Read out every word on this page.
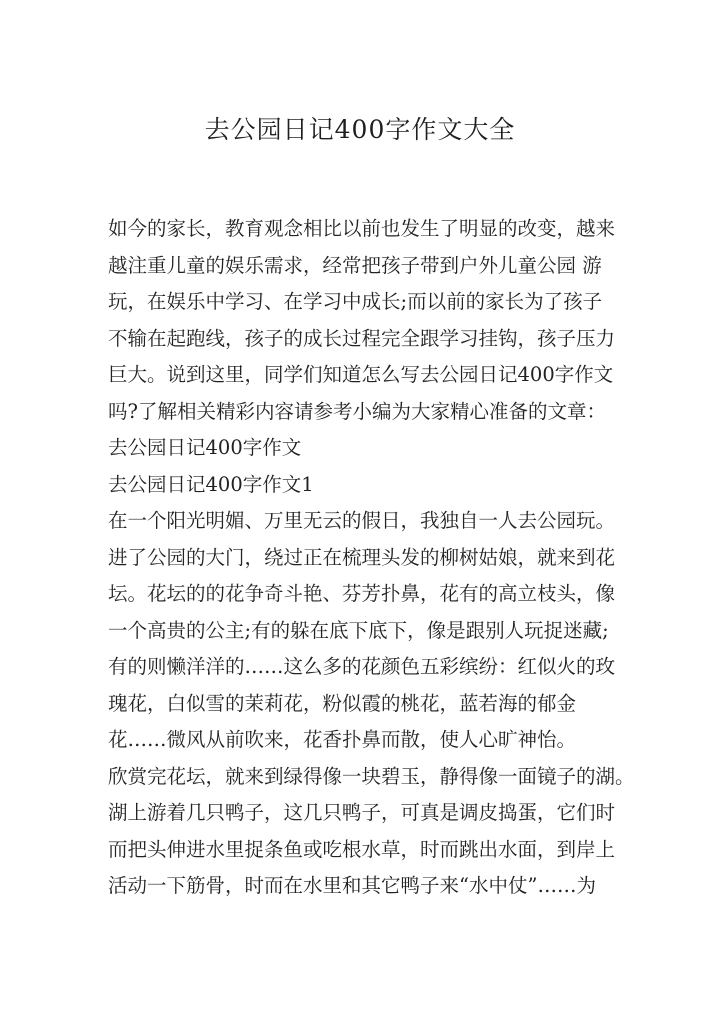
去公园日记400字作文大全
如今的家长，教育观念相比以前也发生了明显的改变，越来
越注重儿童的娱乐需求，经常把孩子带到户外儿童公园 游
玩，在娱乐中学习、在学习中成长;而以前的家长为了孩子
不输在起跑线，孩子的成长过程完全跟学习挂钩，孩子压力
巨大。说到这里，同学们知道怎么写去公园日记400字作文
吗?了解相关精彩内容请参考小编为大家精心准备的文章：
去公园日记400字作文
去公园日记400字作文1
在一个阳光明媚、万里无云的假日，我独自一人去公园玩。
进了公园的大门，绕过正在梳理头发的柳树姑娘，就来到花
坛。花坛的的花争奇斗艳、芬芳扑鼻，花有的高立枝头，像
一个高贵的公主;有的躲在底下底下，像是跟别人玩捉迷藏;
有的则懒洋洋的……这么多的花颜色五彩缤纷：红似火的玫
瑰花，白似雪的茉莉花，粉似霞的桃花，蓝若海的郁金
花……微风从前吹来，花香扑鼻而散，使人心旷神怡。
欣赏完花坛，就来到绿得像一块碧玉，静得像一面镜子的湖。
湖上游着几只鸭子，这几只鸭子，可真是调皮捣蛋，它们时
而把头伸进水里捉条鱼或吃根水草，时而跳出水面，到岸上
活动一下筋骨，时而在水里和其它鸭子来“水中仗”……为
